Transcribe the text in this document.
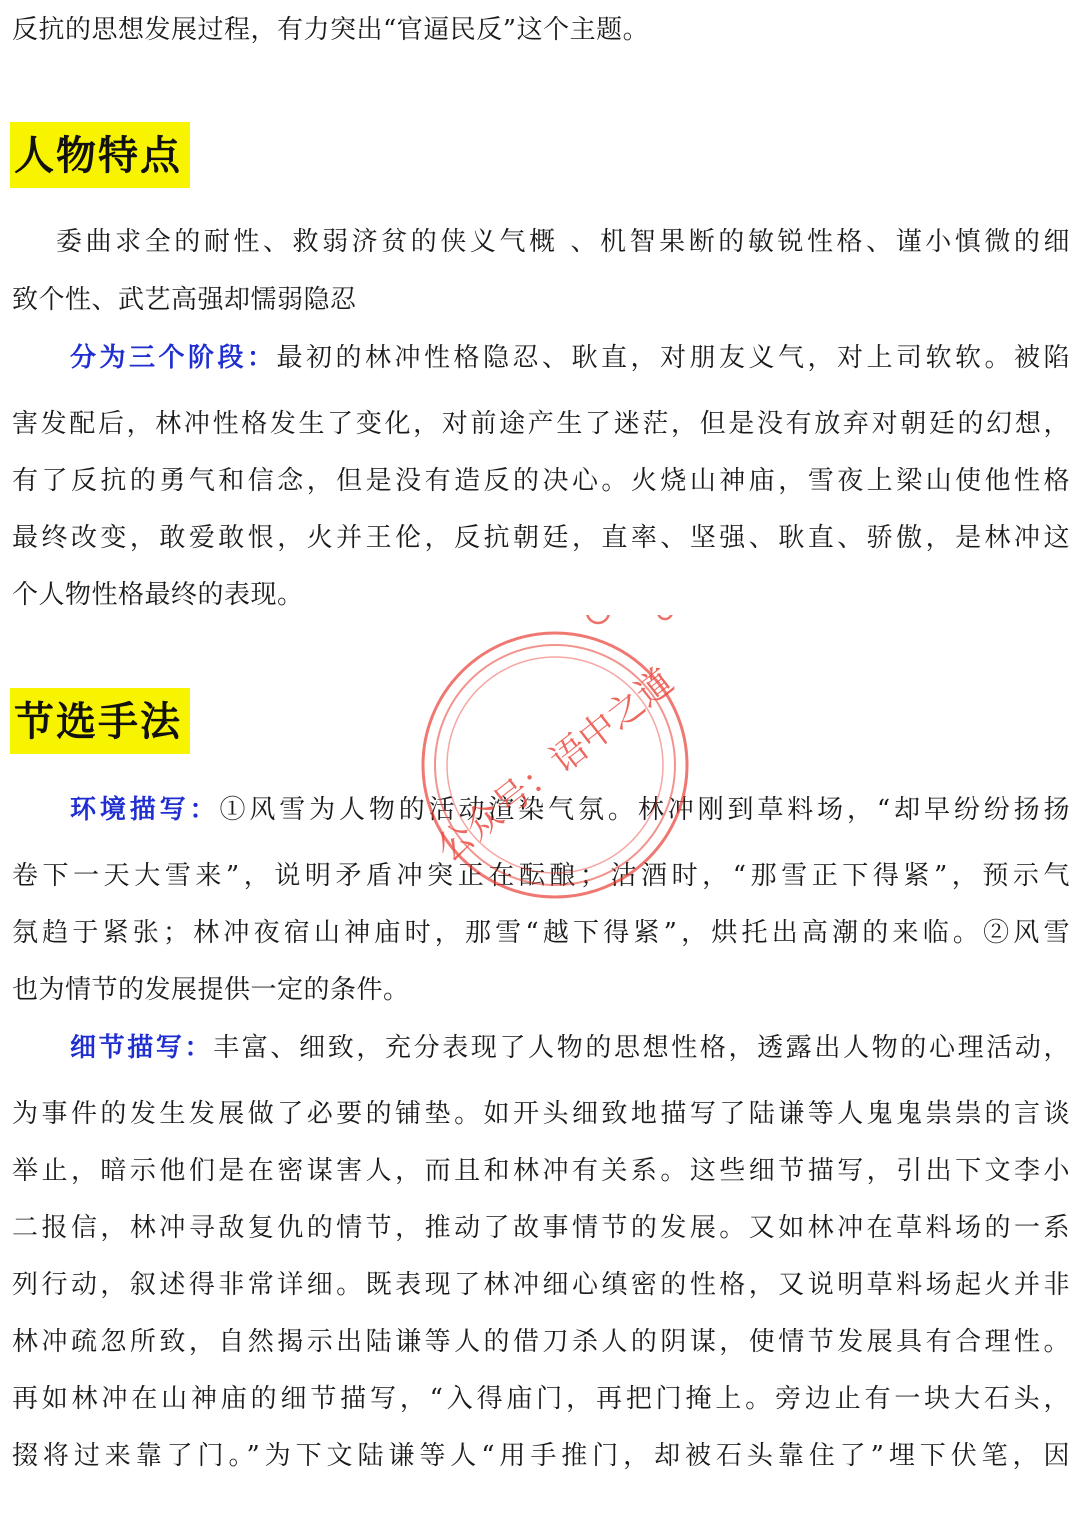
反抗的思想发展过程，有力突出“官逼民反”这个主题。
人物特点
委曲求全的耐性、救弱济贫的侠义气概 、机智果断的敏锐性格、谨小慎微的细
致个性、武艺高强却懦弱隐忍
分为三个阶段：最初的林冲性格隐忍、耿直，对朋友义气，对上司软软。被陷
害发配后，林冲性格发生了变化，对前途产生了迷茫，但是没有放弃对朝廷的幻想，
有了反抗的勇气和信念，但是没有造反的决心。火烧山神庙，雪夜上梁山使他性格
最终改变，敢爱敢恨，火并王伦，反抗朝廷，直率、坚强、耿直、骄傲，是林冲这
个人物性格最终的表现。
节选手法
环境描写：①风雪为人物的活动渲染气氛。林冲刚到草料场，“却早纷纷扬扬
卷下一天大雪来”，说明矛盾冲突正在酝酿；沽酒时，“那雪正下得紧”，预示气
氛趋于紧张；林冲夜宿山神庙时，那雪“越下得紧”，烘托出高潮的来临。②风雪
也为情节的发展提供一定的条件。
细节描写：丰富、细致，充分表现了人物的思想性格，透露出人物的心理活动，
为事件的发生发展做了必要的铺垫。如开头细致地描写了陆谦等人鬼鬼祟祟的言谈
举止，暗示他们是在密谋害人，而且和林冲有关系。这些细节描写，引出下文李小
二报信，林冲寻敌复仇的情节，推动了故事情节的发展。又如林冲在草料场的一系
列行动，叙述得非常详细。既表现了林冲细心缜密的性格，又说明草料场起火并非
林冲疏忽所致，自然揭示出陆谦等人的借刀杀人的阴谋，使情节发展具有合理性。
再如林冲在山神庙的细节描写，“入得庙门，再把门掩上。旁边止有一块大石头，
掇将过来靠了门。”为下文陆谦等人“用手推门，却被石头靠住了”埋下伏笔，因
公众号：语中之道
